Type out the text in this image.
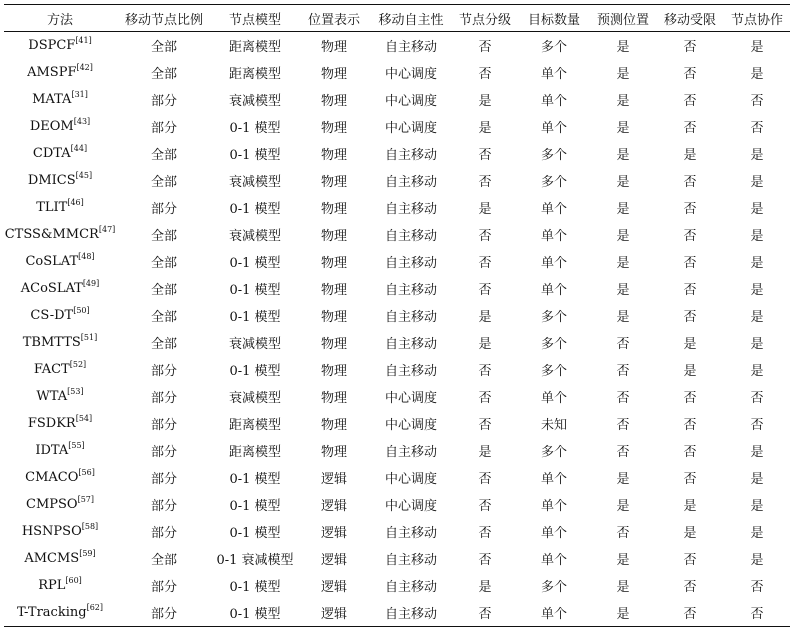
方法	移动节点比例	节点模型	位置表示	移动自主性	节点分级	目标数量	预测位置	移动受限	节点协作
DSPCF[41]	全部	距离模型	物理	自主移动	否	多个	是	否	是
AMSPF[42]	全部	距离模型	物理	中心调度	否	单个	是	否	是
MATA[31]	部分	衰减模型	物理	中心调度	是	单个	是	否	否
DEOM[43]	部分	0-1 模型	物理	中心调度	是	单个	是	否	否
CDTA[44]	全部	0-1 模型	物理	自主移动	否	多个	是	是	是
DMICS[45]	全部	衰减模型	物理	自主移动	否	多个	是	否	是
TLIT[46]	部分	0-1 模型	物理	自主移动	是	单个	是	否	是
CTSS&MMCR[47]	全部	衰减模型	物理	自主移动	否	单个	是	否	是
CoSLAT[48]	全部	0-1 模型	物理	自主移动	否	单个	是	否	是
ACoSLAT[49]	全部	0-1 模型	物理	自主移动	否	单个	是	否	是
CS-DT[50]	全部	0-1 模型	物理	自主移动	是	多个	是	否	是
TBMTTS[51]	全部	衰减模型	物理	自主移动	是	多个	否	是	是
FACT[52]	部分	0-1 模型	物理	自主移动	否	多个	否	是	是
WTA[53]	部分	衰减模型	物理	中心调度	否	单个	否	否	否
FSDKR[54]	部分	距离模型	物理	中心调度	否	未知	否	否	否
IDTA[55]	部分	距离模型	物理	自主移动	是	多个	否	否	是
CMACO[56]	部分	0-1 模型	逻辑	中心调度	否	单个	是	否	是
CMPSO[57]	部分	0-1 模型	逻辑	中心调度	否	单个	是	是	是
HSNPSO[58]	部分	0-1 模型	逻辑	自主移动	否	单个	否	是	是
AMCMS[59]	全部	0-1 衰减模型	逻辑	自主移动	否	单个	是	否	是
RPL[60]	部分	0-1 模型	逻辑	自主移动	是	多个	是	否	否
T-Tracking[62]	部分	0-1 模型	逻辑	自主移动	否	单个	是	否	否
